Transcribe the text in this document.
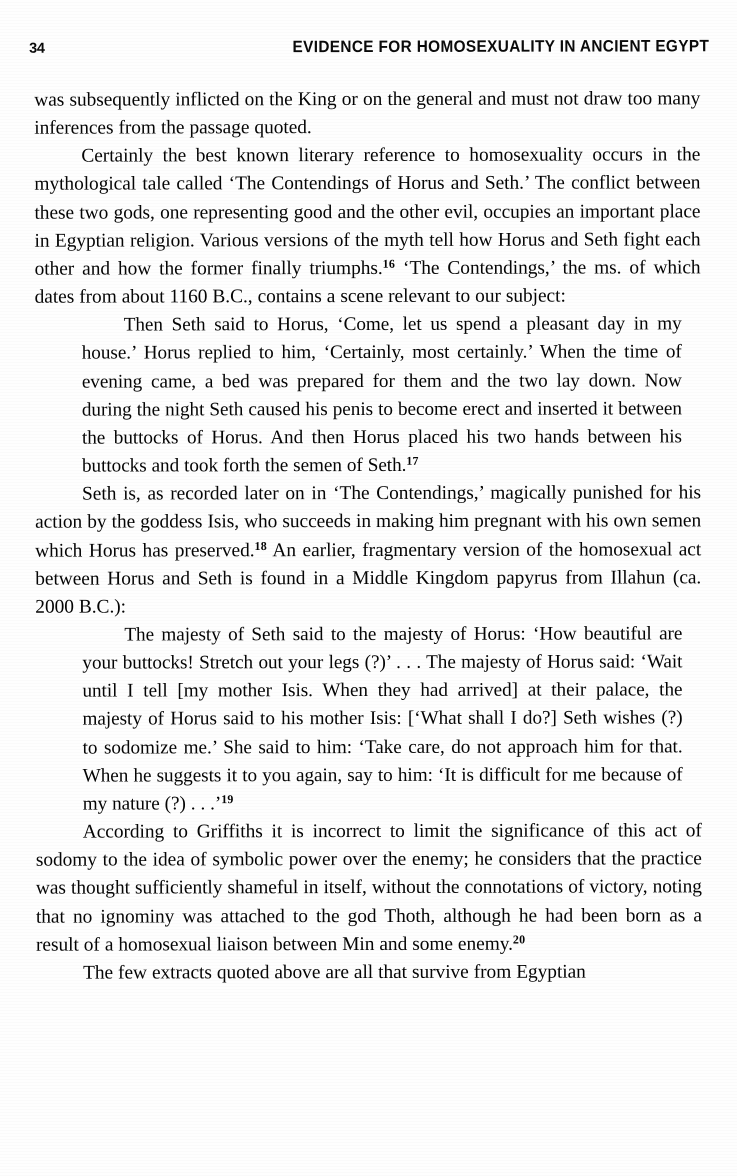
34	EVIDENCE FOR HOMOSEXUALITY IN ANCIENT EGYPT

was subsequently inflicted on the King or on the general and must not draw too many inferences from the passage quoted.

Certainly the best known literary reference to homosexuality occurs in the mythological tale called ‘The Contendings of Horus and Seth.’ The conflict between these two gods, one representing good and the other evil, occupies an important place in Egyptian religion. Various versions of the myth tell how Horus and Seth fight each other and how the former finally triumphs.$^{16}$ ‘The Contendings,’ the ms. of which dates from about 1160 B.C., contains a scene relevant to our subject:

Then Seth said to Horus, ‘Come, let us spend a pleasant day in my house.’ Horus replied to him, ‘Certainly, most certainly.’ When the time of evening came, a bed was prepared for them and the two lay down. Now during the night Seth caused his penis to become erect and inserted it between the buttocks of Horus. And then Horus placed his two hands between his buttocks and took forth the semen of Seth.$^{17}$

Seth is, as recorded later on in ‘The Contendings,’ magically punished for his action by the goddess Isis, who succeeds in making him pregnant with his own semen which Horus has preserved.$^{18}$ An earlier, fragmentary version of the homosexual act between Horus and Seth is found in a Middle Kingdom papyrus from Illahun (ca. 2000 B.C.):

The majesty of Seth said to the majesty of Horus: ‘How beautiful are your buttocks! Stretch out your legs (?)’ . . . The majesty of Horus said: ‘Wait until I tell [my mother Isis. When they had arrived] at their palace, the majesty of Horus said to his mother Isis: [‘What shall I do?] Seth wishes (?) to sodomize me.’ She said to him: ‘Take care, do not approach him for that. When he suggests it to you again, say to him: ‘It is difficult for me because of my nature (?) . . .’$^{19}$

According to Griffiths it is incorrect to limit the significance of this act of sodomy to the idea of symbolic power over the enemy; he considers that the practice was thought sufficiently shameful in itself, without the connotations of victory, noting that no ignominy was attached to the god Thoth, although he had been born as a result of a homosexual liaison between Min and some enemy.$^{20}$

The few extracts quoted above are all that survive from Egyptian
